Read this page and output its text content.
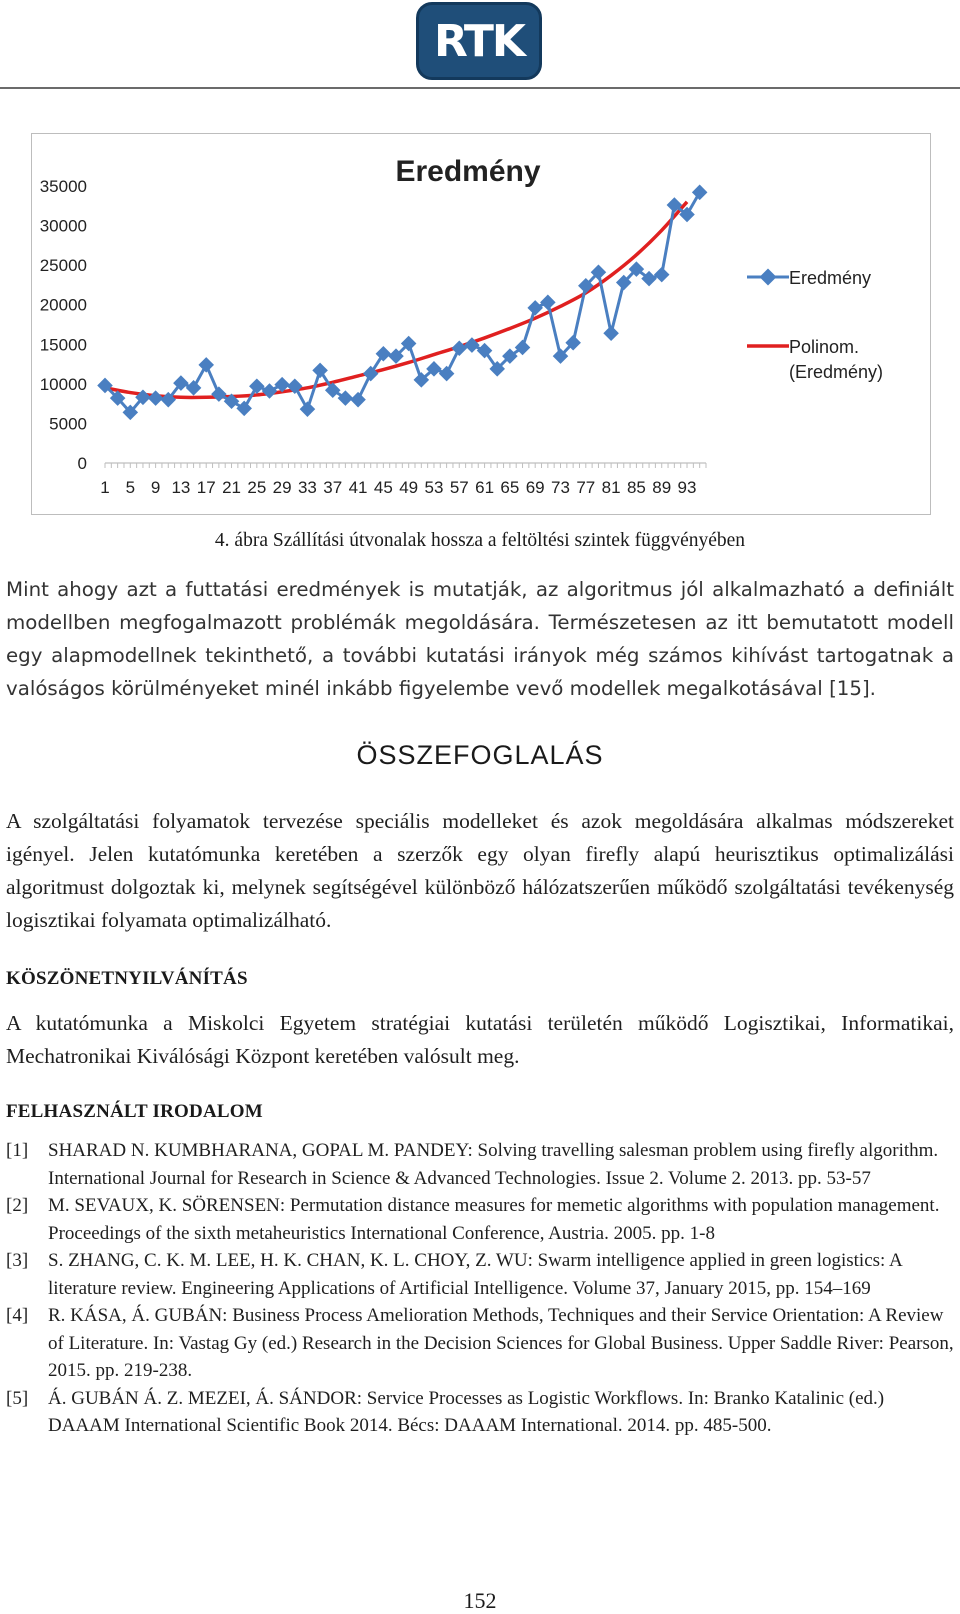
RTK
Eredmény
0
5000
10000
15000
20000
25000
30000
35000
1 5 9 13 17 21 25 29 33 37 41 45 49 53 57 61 65 69 73 77 81 85 89 93
Eredmény
Polinom. (Eredmény)
4. ábra Szállítási útvonalak hossza a feltöltési szintek függvényében

Mint ahogy azt a futtatási eredmények is mutatják, az algoritmus jól alkalmazható a definiált modellben megfogalmazott problémák megoldására. Természetesen az itt bemutatott modell egy alapmodellnek tekinthető, a további kutatási irányok még számos kihívást tartogatnak a valóságos körülményeket minél inkább figyelembe vevő modellek megalkotásával [15].

ÖSSZEFOGLALÁS

A szolgáltatási folyamatok tervezése speciális modelleket és azok megoldására alkalmas módszereket igényel. Jelen kutatómunka keretében a szerzők egy olyan firefly alapú heurisztikus optimalizálási algoritmust dolgoztak ki, melynek segítségével különböző hálózatszerűen működő szolgáltatási tevékenység logisztikai folyamata optimalizálható.

KÖSZÖNETNYILVÁNÍTÁS

A kutatómunka a Miskolci Egyetem stratégiai kutatási területén működő Logisztikai, Informatikai, Mechatronikai Kiválósági Központ keretében valósult meg.

FELHASZNÁLT IRODALOM
[1]	SHARAD N. KUMBHARANA, GOPAL M. PANDEY: Solving travelling salesman problem using firefly algorithm. International Journal for Research in Science & Advanced Technologies. Issue 2. Volume 2. 2013. pp. 53-57
[2]	M. SEVAUX, K. SÖRENSEN: Permutation distance measures for memetic algorithms with population management. Proceedings of the sixth metaheuristics International Conference, Austria. 2005. pp. 1-8
[3]	S. ZHANG, C. K. M. LEE, H. K. CHAN, K. L. CHOY, Z. WU: Swarm intelligence applied in green logistics: A literature review. Engineering Applications of Artificial Intelligence. Volume 37, January 2015, pp. 154–169
[4]	R. KÁSA, Á. GUBÁN: Business Process Amelioration Methods, Techniques and their Service Orientation: A Review of Literature. In: Vastag Gy (ed.) Research in the Decision Sciences for Global Business. Upper Saddle River: Pearson, 2015. pp. 219-238.
[5]	Á. GUBÁN Á. Z. MEZEI, Á. SÁNDOR: Service Processes as Logistic Workflows. In: Branko Katalinic (ed.) DAAAM International Scientific Book 2014. Bécs: DAAAM International. 2014. pp. 485-500.
152
